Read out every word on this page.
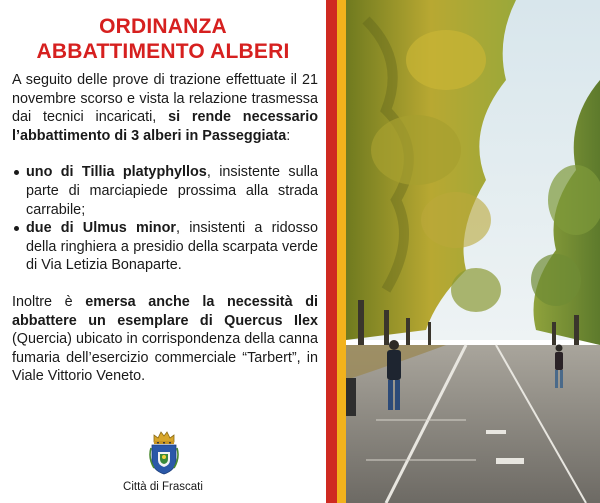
ORDINANZA
ABBATTIMENTO ALBERI

A seguito delle prove di trazione effettuate il 21 novembre scorso e vista la relazione trasmessa dai tecnici incaricati, si rende necessario l’abbattimento di 3 alberi in Passeggiata:

uno di Tillia platyphyllos, insistente sulla parte di marciapiede prossima alla strada carrabile;
due di Ulmus minor, insistenti a ridosso della ringhiera a presidio della scarpata verde di Via Letizia Bonaparte.

Inoltre è emersa anche la necessità di abbattere un esemplare di Quercus Ilex (Quercia) ubicato in corrispondenza della canna fumaria dell’esercizio commerciale “Tarbert”, in Viale Vittorio Veneto.

Città di Frascati
